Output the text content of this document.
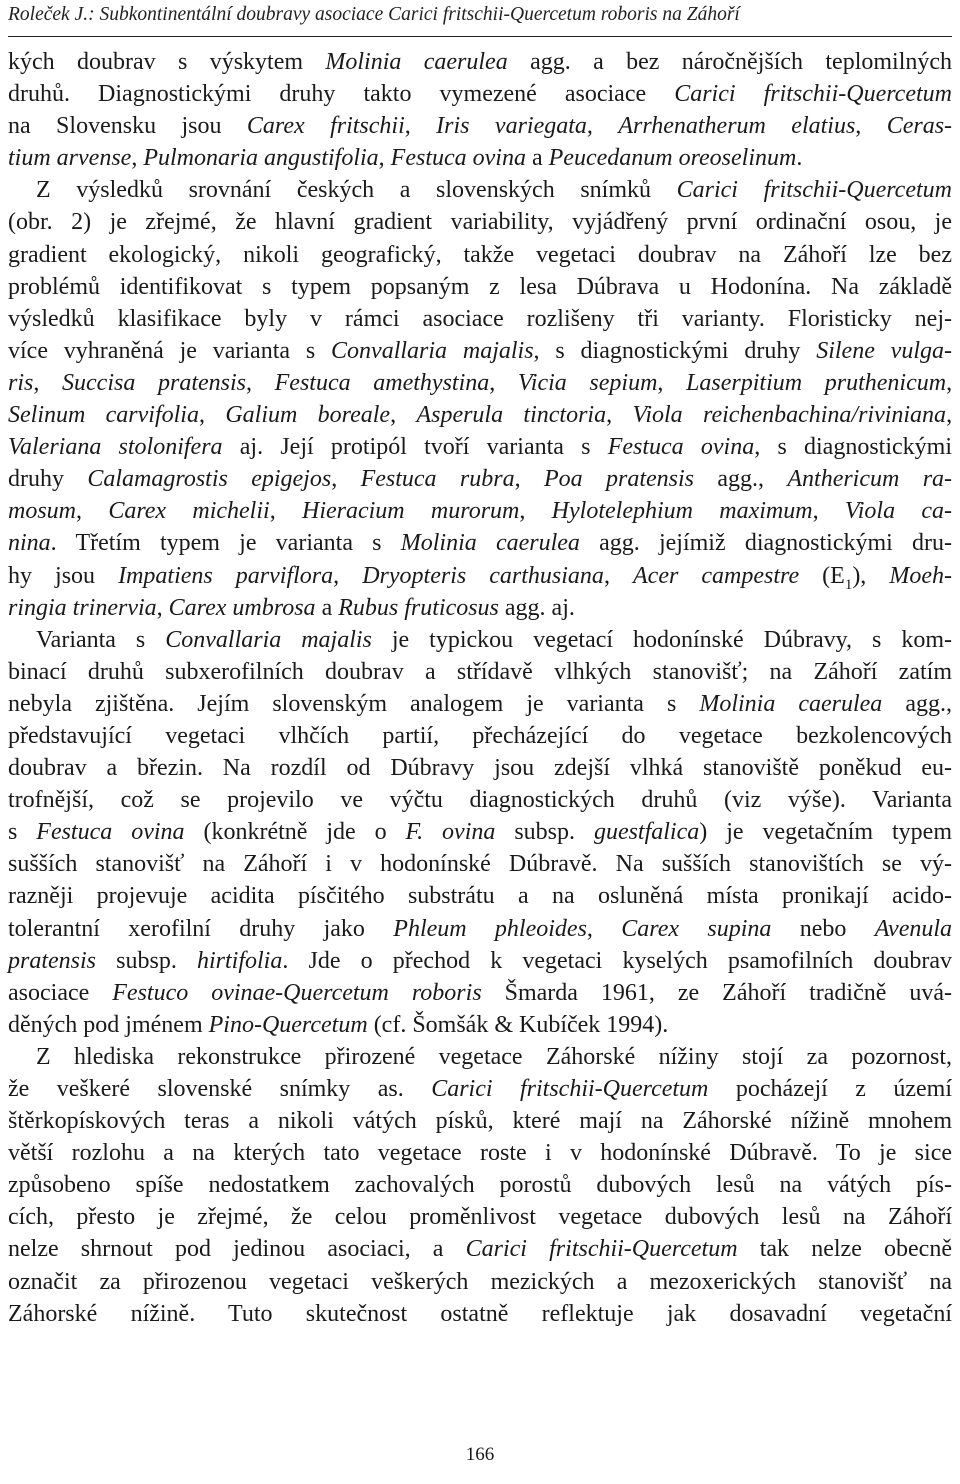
Roleček J.: Subkontinentální doubravy asociace Carici fritschii-Quercetum roboris na Záhoří
kých doubrav s výskytem Molinia caerulea agg. a bez náročnějších teplomilných
druhů. Diagnostickými druhy takto vymezené asociace Carici fritschii-Quercetum
na Slovensku jsou Carex fritschii, Iris variegata, Arrhenatherum elatius, Ceras-
tium arvense, Pulmonaria angustifolia, Festuca ovina a Peucedanum oreoselinum.
Z výsledků srovnání českých a slovenských snímků Carici fritschii-Quercetum
(obr. 2) je zřejmé, že hlavní gradient variability, vyjádřený první ordinační osou, je
gradient ekologický, nikoli geografický, takže vegetaci doubrav na Záhoří lze bez
problémů identifikovat s typem popsaným z lesa Dúbrava u Hodonína. Na základě
výsledků klasifikace byly v rámci asociace rozlišeny tři varianty. Floristicky nej-
více vyhraněná je varianta s Convallaria majalis, s diagnostickými druhy Silene vulga-
ris, Succisa pratensis, Festuca amethystina, Vicia sepium, Laserpitium pruthenicum,
Selinum carvifolia, Galium boreale, Asperula tinctoria, Viola reichenbachina/riviniana,
Valeriana stolonifera aj. Její protipól tvoří varianta s Festuca ovina, s diagnostickými
druhy Calamagrostis epigejos, Festuca rubra, Poa pratensis agg., Anthericum ra-
mosum, Carex michelii, Hieracium murorum, Hylotelephium maximum, Viola ca-
nina. Třetím typem je varianta s Molinia caerulea agg. jejímiž diagnostickými dru-
hy jsou Impatiens parviflora, Dryopteris carthusiana, Acer campestre $(E_1)$, Moeh-
ringia trinervia, Carex umbrosa a Rubus fruticosus agg. aj.
Varianta s Convallaria majalis je typickou vegetací hodonínské Dúbravy, s kom-
binací druhů subxerofilních doubrav a střídavě vlhkých stanovišť; na Záhoří zatím
nebyla zjištěna. Jejím slovenským analogem je varianta s Molinia caerulea agg.,
představující vegetaci vlhčích partií, přecházející do vegetace bezkolencových
doubrav a březin. Na rozdíl od Dúbravy jsou zdejší vlhká stanoviště poněkud eu-
trofnější, což se projevilo ve výčtu diagnostických druhů (viz výše). Varianta
s Festuca ovina (konkrétně jde o F. ovina subsp. guestfalica) je vegetačním typem
sušších stanovišť na Záhoří i v hodonínské Dúbravě. Na sušších stanovištích se vý-
razněji projevuje acidita písčitého substrátu a na osluněná místa pronikají acido-
tolerantní xerofilní druhy jako Phleum phleoides, Carex supina nebo Avenula
pratensis subsp. hirtifolia. Jde o přechod k vegetaci kyselých psamofilních doubrav
asociace Festuco ovinae-Quercetum roboris Šmarda 1961, ze Záhoří tradičně uvá-
děných pod jménem Pino-Quercetum (cf. Šomšák & Kubíček 1994).
Z hlediska rekonstrukce přirozené vegetace Záhorské nížiny stojí za pozornost,
že veškeré slovenské snímky as. Carici fritschii-Quercetum pocházejí z území
štěrkopískových teras a nikoli vátých písků, které mají na Záhorské nížině mnohem
větší rozlohu a na kterých tato vegetace roste i v hodonínské Dúbravě. To je sice
způsobeno spíše nedostatkem zachovalých porostů dubových lesů na vátých pís-
cích, přesto je zřejmé, že celou proměnlivost vegetace dubových lesů na Záhoří
nelze shrnout pod jedinou asociaci, a Carici fritschii-Quercetum tak nelze obecně
označit za přirozenou vegetaci veškerých mezických a mezoxerických stanovišť na
Záhorské nížině. Tuto skutečnost ostatně reflektuje jak dosavadní vegetační
166
